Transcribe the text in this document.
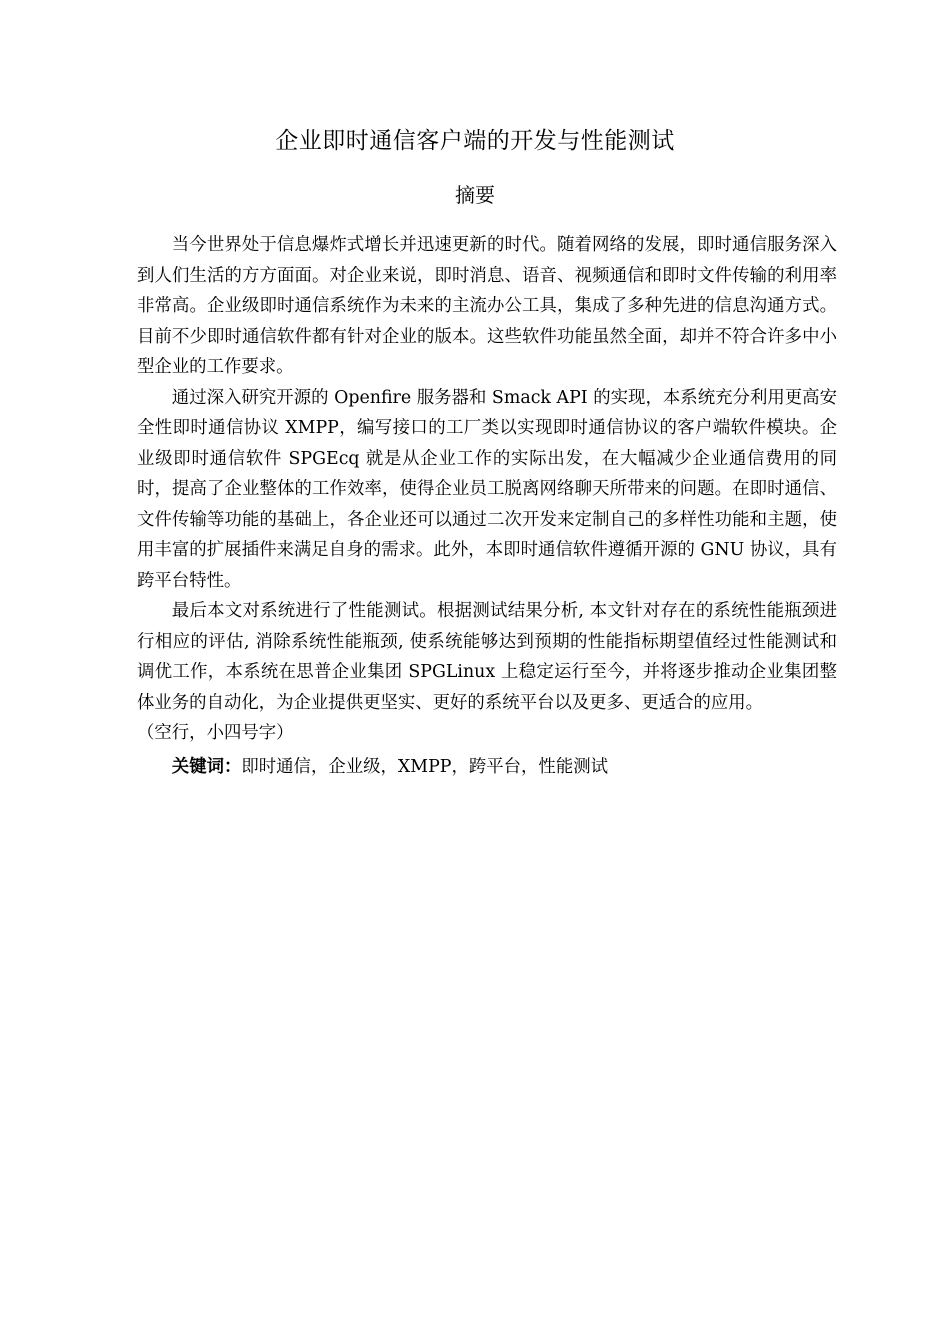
企业即时通信客户端的开发与性能测试
摘要

当今世界处于信息爆炸式增长并迅速更新的时代。随着网络的发展，即时通信服务深入到人们生活的方方面面。对企业来说，即时消息、语音、视频通信和即时文件传输的利用率非常高。企业级即时通信系统作为未来的主流办公工具，集成了多种先进的信息沟通方式。目前不少即时通信软件都有针对企业的版本。这些软件功能虽然全面，却并不符合许多中小型企业的工作要求。

通过深入研究开源的 Openfire 服务器和 Smack API 的实现，本系统充分利用更高安全性即时通信协议 XMPP，编写接口的工厂类以实现即时通信协议的客户端软件模块。企业级即时通信软件 SPGEcq 就是从企业工作的实际出发，在大幅减少企业通信费用的同时，提高了企业整体的工作效率，使得企业员工脱离网络聊天所带来的问题。在即时通信、文件传输等功能的基础上，各企业还可以通过二次开发来定制自己的多样性功能和主题，使用丰富的扩展插件来满足自身的需求。此外，本即时通信软件遵循开源的 GNU 协议，具有跨平台特性。

最后本文对系统进行了性能测试。根据测试结果分析, 本文针对存在的系统性能瓶颈进行相应的评估, 消除系统性能瓶颈, 使系统能够达到预期的性能指标期望值经过性能测试和调优工作，本系统在思普企业集团 SPGLinux 上稳定运行至今，并将逐步推动企业集团整体业务的自动化，为企业提供更坚实、更好的系统平台以及更多、更适合的应用。

（空行，小四号字）

关键词：即时通信，企业级，XMPP，跨平台，性能测试
